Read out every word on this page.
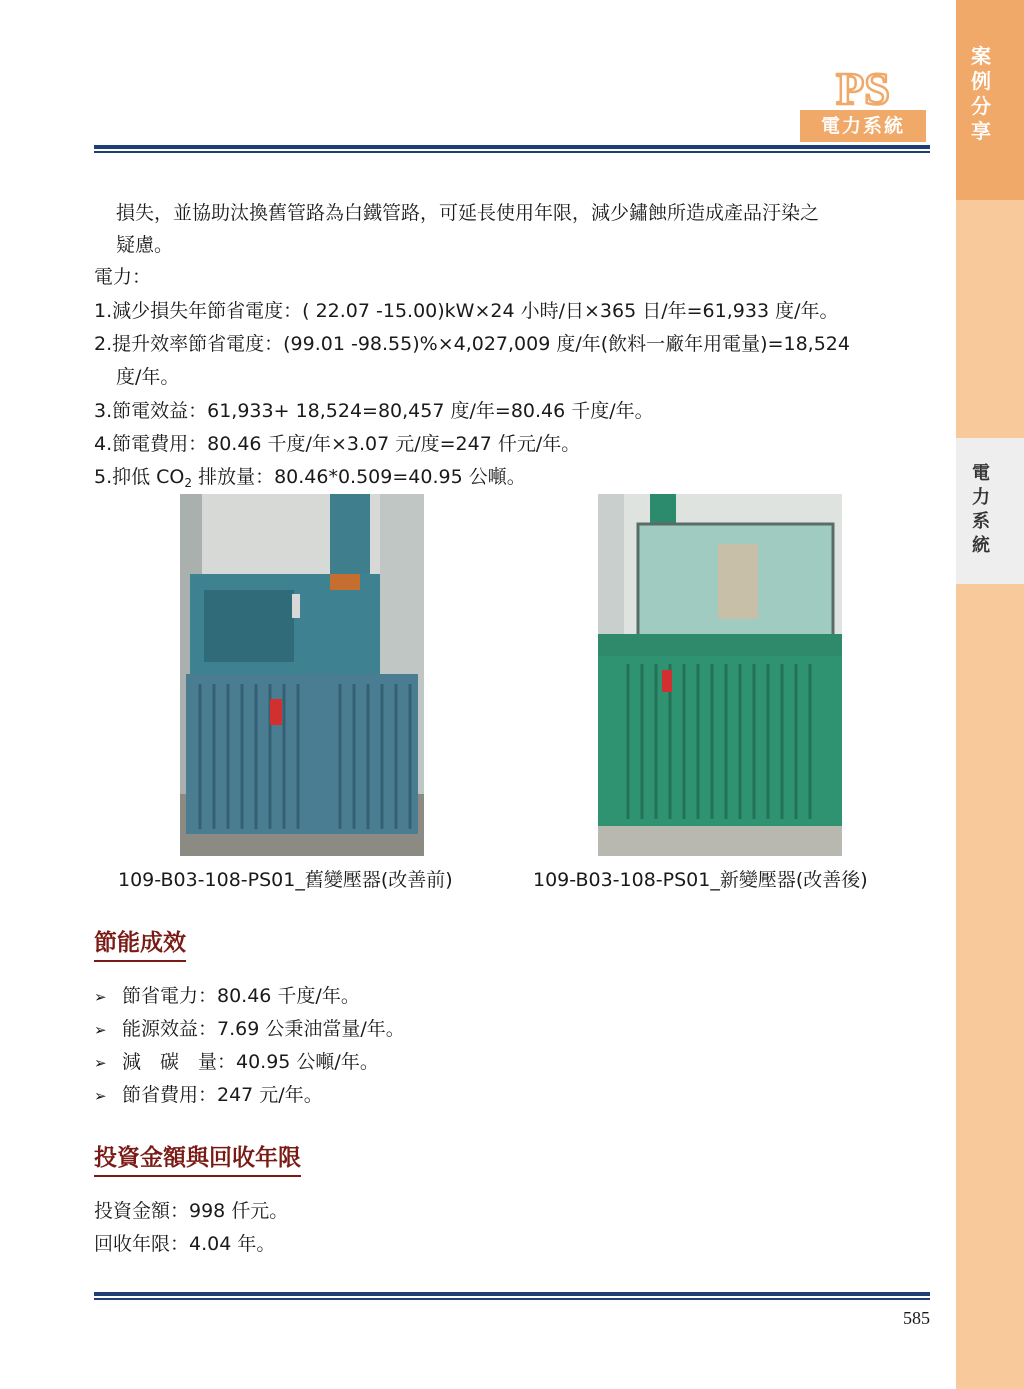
案例分享
電力系統
PS
電力系統
損失，並協助汰換舊管路為白鐵管路，可延長使用年限，減少鏽蝕所造成產品汙染之
疑慮。
電力：
1.減少損失年節省電度：( 22.07 -15.00)kW×24 小時/日×365 日/年=61,933 度/年。
2.提升效率節省電度：(99.01 -98.55)%×4,027,009 度/年(飲料一廠年用電量)=18,524
度/年。
3.節電效益：61,933+ 18,524=80,457 度/年=80.46 千度/年。
4.節電費用：80.46 千度/年×3.07 元/度=247 仟元/年。
5.抑低 $CO_2$ 排放量：80.46*0.509=40.95 公噸。
109-B03-108-PS01_舊變壓器(改善前)	109-B03-108-PS01_新變壓器(改善後)
節能成效
➢ 節省電力：80.46 千度/年。
➢ 能源效益：7.69 公秉油當量/年。
➢ 減　碳　量：40.95 公噸/年。
➢ 節省費用：247 元/年。
投資金額與回收年限
投資金額：998 仟元。
回收年限：4.04 年。
585
